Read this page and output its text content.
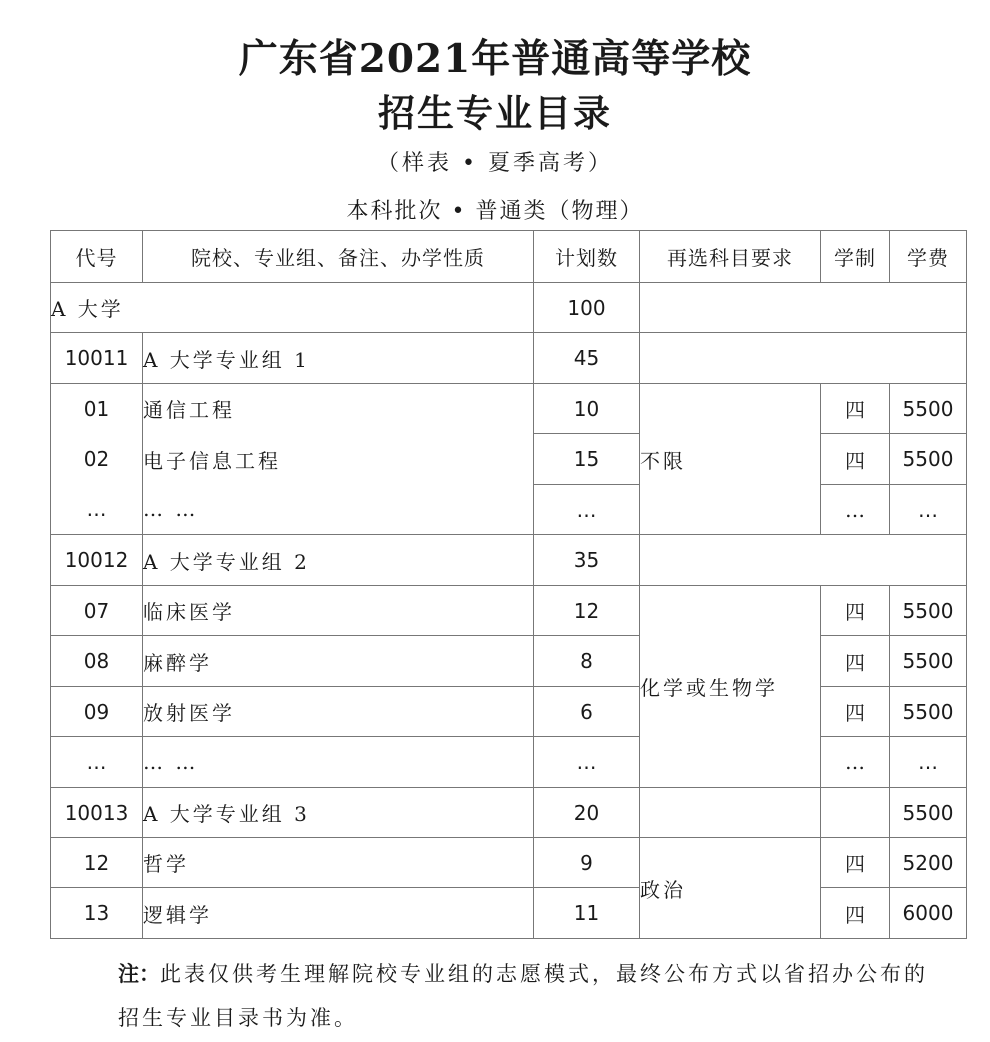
广东省2021年普通高等学校
招生专业目录
（样表 • 夏季高考）
本科批次 • 普通类（物理）
代号	院校、专业组、备注、办学性质	计划数	再选科目要求	学制	学费
A 大学		100			
10011	A 大学专业组 1	45			
01	通信工程	10	不限	四	5500
02	电子信息工程	15		四	5500
…	… …	…		…	…
10012	A 大学专业组 2	35			
07	临床医学	12	化学或生物学	四	5500
08	麻醉学	8		四	5500
09	放射医学	6		四	5500
…	… …	…		…	…
10013	A 大学专业组 3	20			5500
12	哲学	9	政治	四	5200
13	逻辑学	11		四	6000
注：此表仅供考生理解院校专业组的志愿模式，最终公布方式以省招办公布的招生专业目录书为准。
